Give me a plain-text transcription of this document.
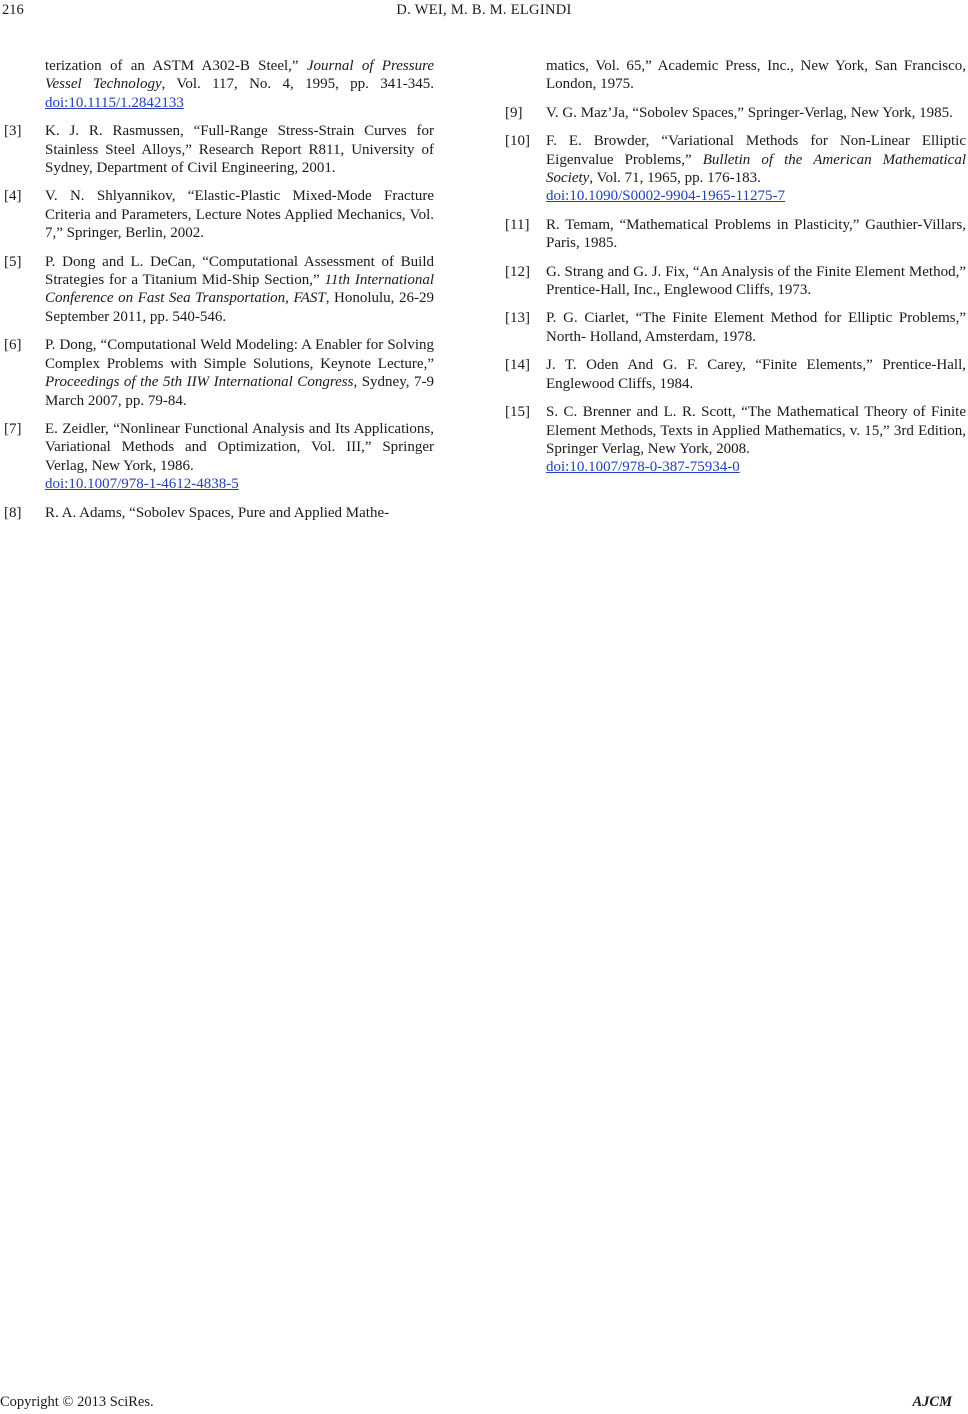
216	D. WEI, M. B. M. ELGINDI
terization of an ASTM A302-B Steel,” Journal of Pressure Vessel Technology, Vol. 117, No. 4, 1995, pp. 341-345. doi:10.1115/1.2842133
[3]	K. J. R. Rasmussen, “Full-Range Stress-Strain Curves for Stainless Steel Alloys,” Research Report R811, University of Sydney, Department of Civil Engineering, 2001.
[4]	V. N. Shlyannikov, “Elastic-Plastic Mixed-Mode Fracture Criteria and Parameters, Lecture Notes Applied Mechanics, Vol. 7,” Springer, Berlin, 2002.
[5]	P. Dong and L. DeCan, “Computational Assessment of Build Strategies for a Titanium Mid-Ship Section,” 11th International Conference on Fast Sea Transportation, FAST, Honolulu, 26-29 September 2011, pp. 540-546.
[6]	P. Dong, “Computational Weld Modeling: A Enabler for Solving Complex Problems with Simple Solutions, Keynote Lecture,” Proceedings of the 5th IIW International Congress, Sydney, 7-9 March 2007, pp. 79-84.
[7]	E. Zeidler, “Nonlinear Functional Analysis and Its Applications, Variational Methods and Optimization, Vol. III,” Springer Verlag, New York, 1986.
doi:10.1007/978-1-4612-4838-5
[8]	R. A. Adams, “Sobolev Spaces, Pure and Applied Mathe-
matics, Vol. 65,” Academic Press, Inc., New York, San Francisco, London, 1975.
[9]	V. G. Maz’Ja, “Sobolev Spaces,” Springer-Verlag, New York, 1985.
[10]	F. E. Browder, “Variational Methods for Non-Linear Elliptic Eigenvalue Problems,” Bulletin of the American Mathematical Society, Vol. 71, 1965, pp. 176-183.
doi:10.1090/S0002-9904-1965-11275-7
[11]	R. Temam, “Mathematical Problems in Plasticity,” Gauthier-Villars, Paris, 1985.
[12]	G. Strang and G. J. Fix, “An Analysis of the Finite Element Method,” Prentice-Hall, Inc., Englewood Cliffs, 1973.
[13]	P. G. Ciarlet, “The Finite Element Method for Elliptic Problems,” North- Holland, Amsterdam, 1978.
[14]	J. T. Oden And G. F. Carey, “Finite Elements,” Prentice-Hall, Englewood Cliffs, 1984.
[15]	S. C. Brenner and L. R. Scott, “The Mathematical Theory of Finite Element Methods, Texts in Applied Mathematics, v. 15,” 3rd Edition, Springer Verlag, New York, 2008.
doi:10.1007/978-0-387-75934-0
Copyright © 2013 SciRes.	AJCM
